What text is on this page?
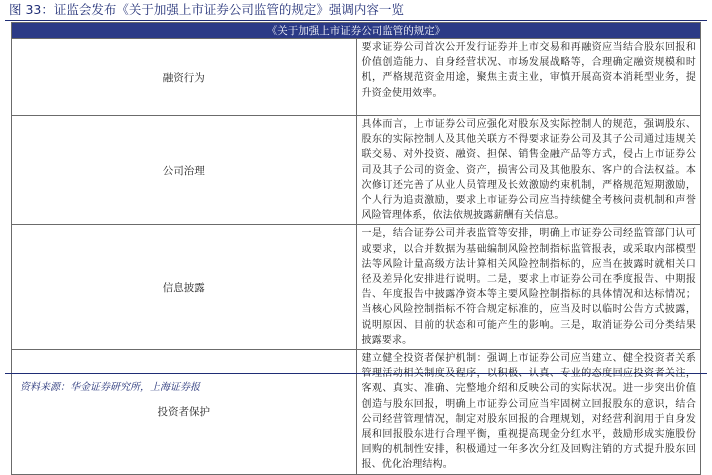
图 33：证监会发布《关于加强上市证券公司监管的规定》强调内容一览
《关于加强上市证券公司监管的规定》	
融资行为	要求证券公司首次公开发行证券并上市交易和再融资应当结合股东回报和价值创造能力、自身经营状况、市场发展战略等，合理确定融资规模和时机，严格规范资金用途，聚焦主责主业，审慎开展高资本消耗型业务，提升资金使用效率。
公司治理	具体而言，上市证券公司应强化对股东及实际控制人的规范，强调股东、股东的实际控制人及其他关联方不得要求证券公司及其子公司通过违规关联交易、对外投资、融资、担保、销售金融产品等方式，侵占上市证券公司及其子公司的资金、资产，损害公司及其他股东、客户的合法权益。本次修订还完善了从业人员管理及长效激励约束机制，严格规范短期激励，个人行为追责激励，要求上市证券公司应当持续健全考核问责机制和声誉风险管理体系，依法依规披露薪酬有关信息。
信息披露	一是，结合证券公司并表监管等安排，明确上市证券公司经监管部门认可或要求，以合并数据为基础编制风险控制指标监管报表，或采取内部模型法等风险计量高级方法计算相关风险控制指标的，应当在披露时就相关口径及差异化安排进行说明。二是，要求上市证券公司在季度报告、中期报告、年度报告中披露净资本等主要风险控制指标的具体情况和达标情况；当核心风险控制指标不符合规定标准的，应当及时以临时公告方式披露，说明原因、目前的状态和可能产生的影响。三是，取消证券公司分类结果披露要求。
投资者保护	建立健全投资者保护机制：强调上市证券公司应当建立、健全投资者关系 客观、真实、准确、完整地介绍和反映公司的实际状况。进一步突出价值创造与股东回报，明确上市证券公司应当牢固树立回报股东的意识，结合公司经营管理情况，制定对股东回报的合理规划，对经营利润用于自身发展和回报股东进行合理平衡，重视提高现金分红水平，鼓励形成实施股份回购的机制性安排，积极通过一年多次分红及回购注销的方式提升股东回报、优化治理结构。
资料来源：华金证券研究所，上海证券报
